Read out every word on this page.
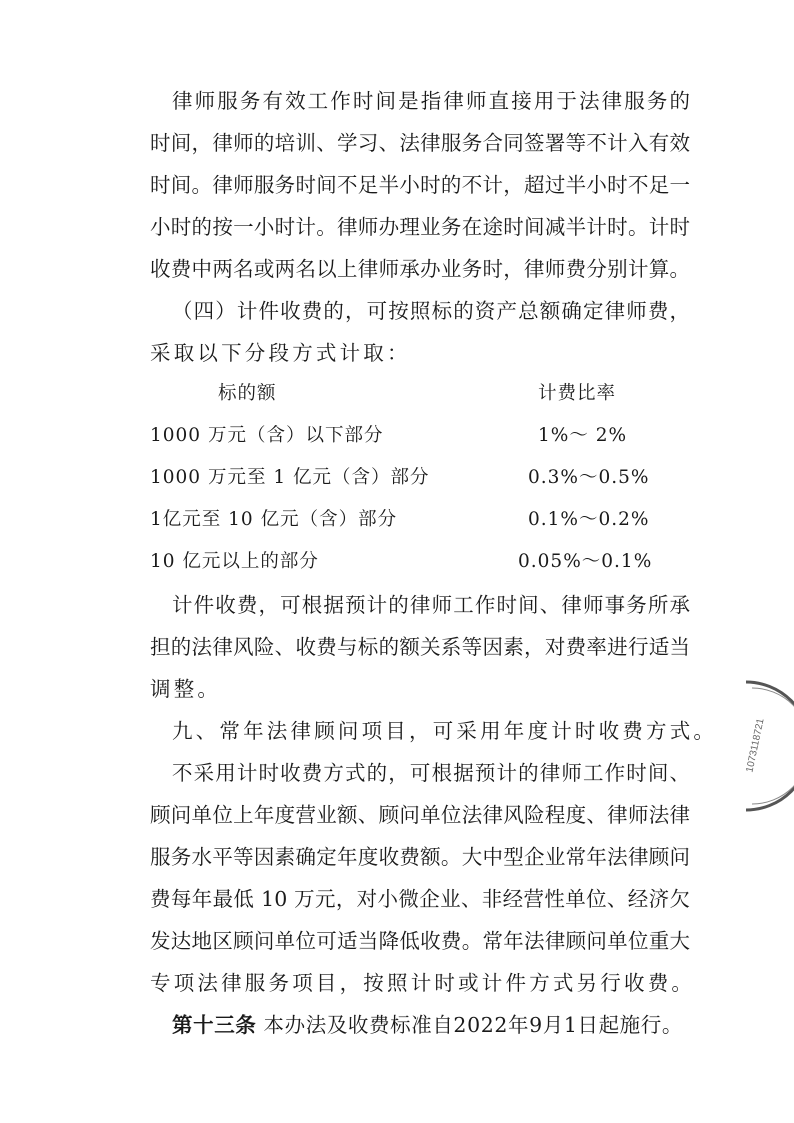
律师服务有效工作时间是指律师直接用于法律服务的
时间，律师的培训、学习、法律服务合同签署等不计入有效
时间。律师服务时间不足半小时的不计，超过半小时不足一
小时的按一小时计。律师办理业务在途时间减半计时。计时
收费中两名或两名以上律师承办业务时，律师费分别计算。
（四）计件收费的，可按照标的资产总额确定律师费，
采取以下分段方式计取：
标的额	计费比率
1000 万元（含）以下部分	1%～ 2%
1000 万元至 1 亿元（含）部分	0.3%～0.5%
1亿元至 10 亿元（含）部分	0.1%～0.2%
10 亿元以上的部分	0.05%～0.1%
计件收费，可根据预计的律师工作时间、律师事务所承
担的法律风险、收费与标的额关系等因素，对费率进行适当
调整。
九、常年法律顾问项目，可采用年度计时收费方式。
不采用计时收费方式的，可根据预计的律师工作时间、
顾问单位上年度营业额、顾问单位法律风险程度、律师法律
服务水平等因素确定年度收费额。大中型企业常年法律顾问
费每年最低 10 万元，对小微企业、非经营性单位、经济欠
发达地区顾问单位可适当降低收费。常年法律顾问单位重大
专项法律服务项目，按照计时或计件方式另行收费。
第十三条 本办法及收费标准自2022年9月1日起施行。
1073118721
